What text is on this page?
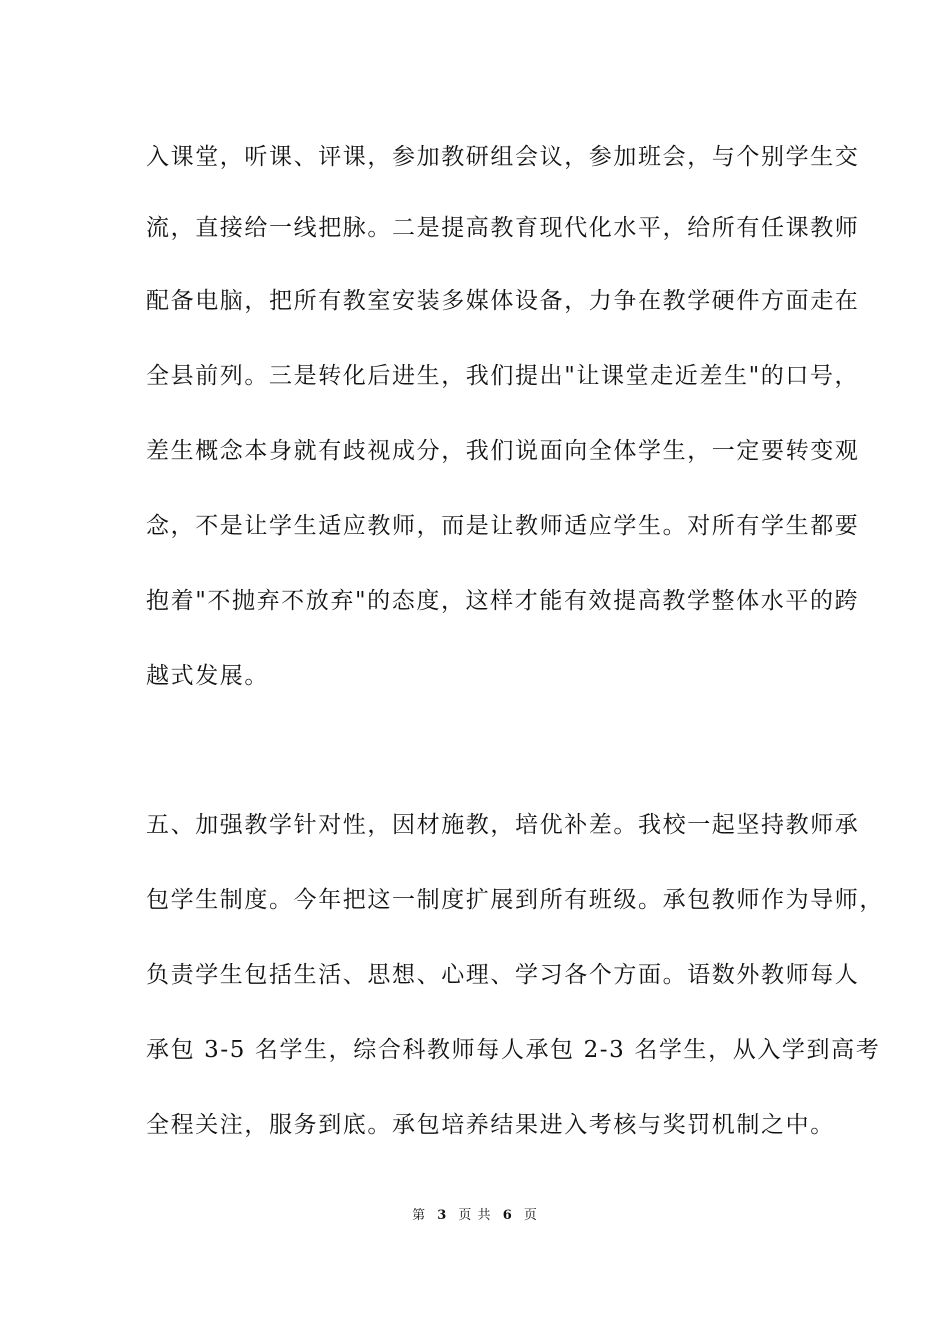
入课堂，听课、评课，参加教研组会议，参加班会，与个别学生交
流，直接给一线把脉。二是提高教育现代化水平，给所有任课教师
配备电脑，把所有教室安装多媒体设备，力争在教学硬件方面走在
全县前列。三是转化后进生，我们提出"让课堂走近差生"的口号，
差生概念本身就有歧视成分，我们说面向全体学生，一定要转变观
念，不是让学生适应教师，而是让教师适应学生。对所有学生都要
抱着"不抛弃不放弃"的态度，这样才能有效提高教学整体水平的跨
越式发展。
五、加强教学针对性，因材施教，培优补差。我校一起坚持教师承
包学生制度。今年把这一制度扩展到所有班级。承包教师作为导师，
负责学生包括生活、思想、心理、学习各个方面。语数外教师每人
承包 3-5 名学生，综合科教师每人承包 2-3 名学生，从入学到高考
全程关注，服务到底。承包培养结果进入考核与奖罚机制之中。
第 3 页 共 6 页
